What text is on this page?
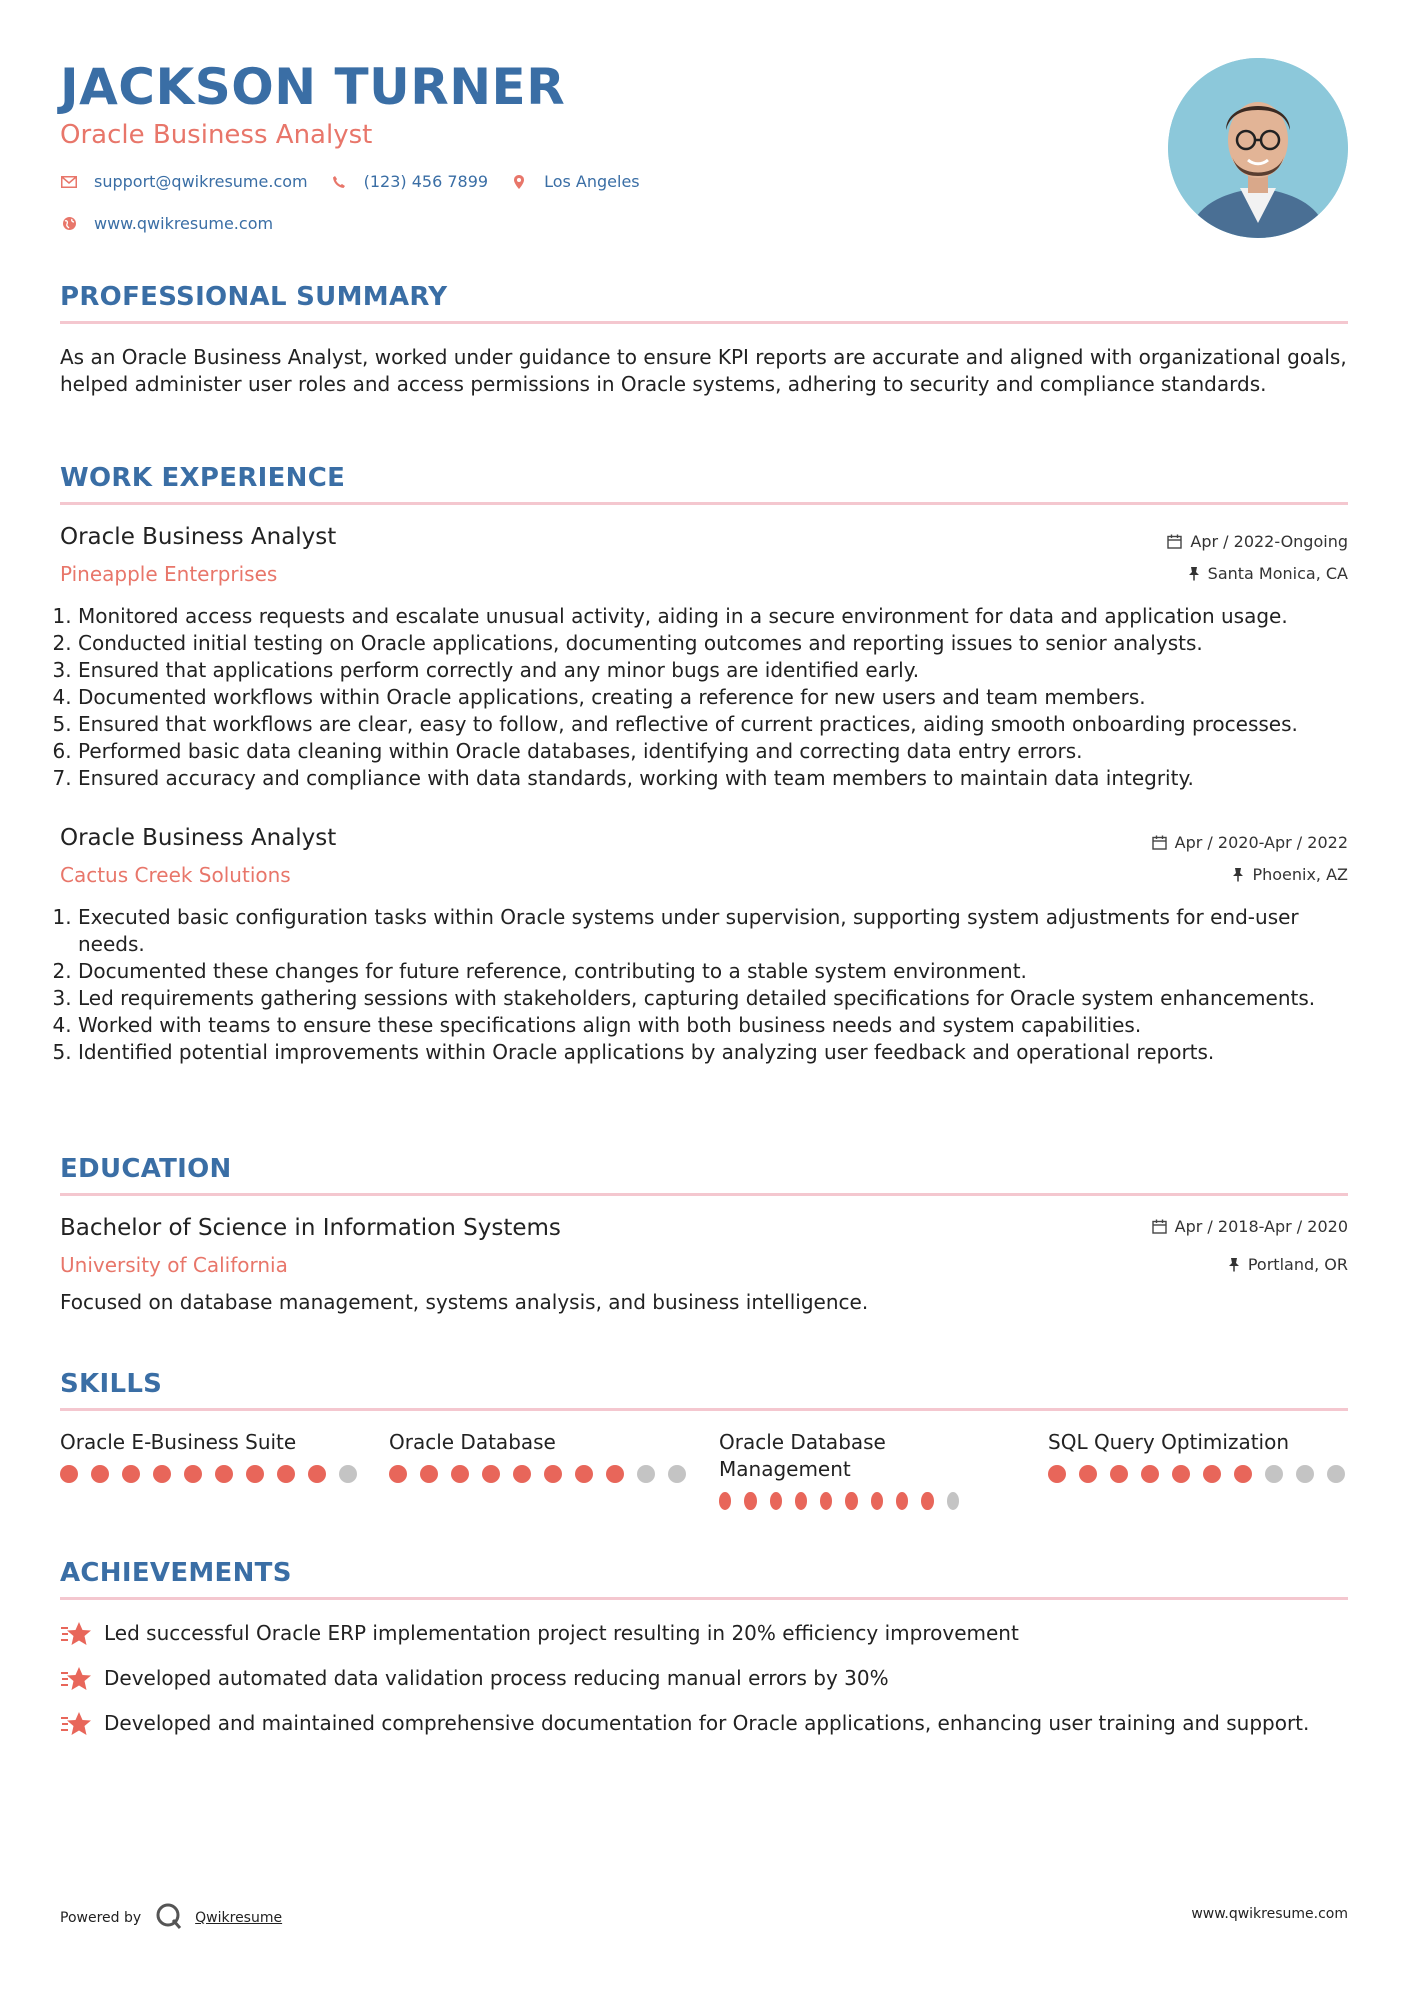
JACKSON TURNER
Oracle Business Analyst
support@qwikresume.com	(123) 456 7899	Los Angeles
www.qwikresume.com
PROFESSIONAL SUMMARY
As an Oracle Business Analyst, worked under guidance to ensure KPI reports are accurate and aligned with organizational goals, helped administer user roles and access permissions in Oracle systems, adhering to security and compliance standards.
WORK EXPERIENCE
Oracle Business Analyst
Pineapple Enterprises
Apr / 2022-Ongoing
Santa Monica, CA
1. Monitored access requests and escalate unusual activity, aiding in a secure environment for data and application usage.
2. Conducted initial testing on Oracle applications, documenting outcomes and reporting issues to senior analysts.
3. Ensured that applications perform correctly and any minor bugs are identified early.
4. Documented workflows within Oracle applications, creating a reference for new users and team members.
5. Ensured that workflows are clear, easy to follow, and reflective of current practices, aiding smooth onboarding processes.
6. Performed basic data cleaning within Oracle databases, identifying and correcting data entry errors.
7. Ensured accuracy and compliance with data standards, working with team members to maintain data integrity.
Oracle Business Analyst
Cactus Creek Solutions
Apr / 2020-Apr / 2022
Phoenix, AZ
1. Executed basic configuration tasks within Oracle systems under supervision, supporting system adjustments for end-user needs.
2. Documented these changes for future reference, contributing to a stable system environment.
3. Led requirements gathering sessions with stakeholders, capturing detailed specifications for Oracle system enhancements.
4. Worked with teams to ensure these specifications align with both business needs and system capabilities.
5. Identified potential improvements within Oracle applications by analyzing user feedback and operational reports.
EDUCATION
Bachelor of Science in Information Systems
University of California
Apr / 2018-Apr / 2020
Portland, OR
Focused on database management, systems analysis, and business intelligence.
SKILLS
Oracle E-Business Suite	Oracle Database	Oracle Database Management
SQL Query Optimization
ACHIEVEMENTS
Led successful Oracle ERP implementation project resulting in 20% efficiency improvement
Developed automated data validation process reducing manual errors by 30%
Developed and maintained comprehensive documentation for Oracle applications, enhancing user training and support.
Powered by	Qwikresume	www.qwikresume.com
